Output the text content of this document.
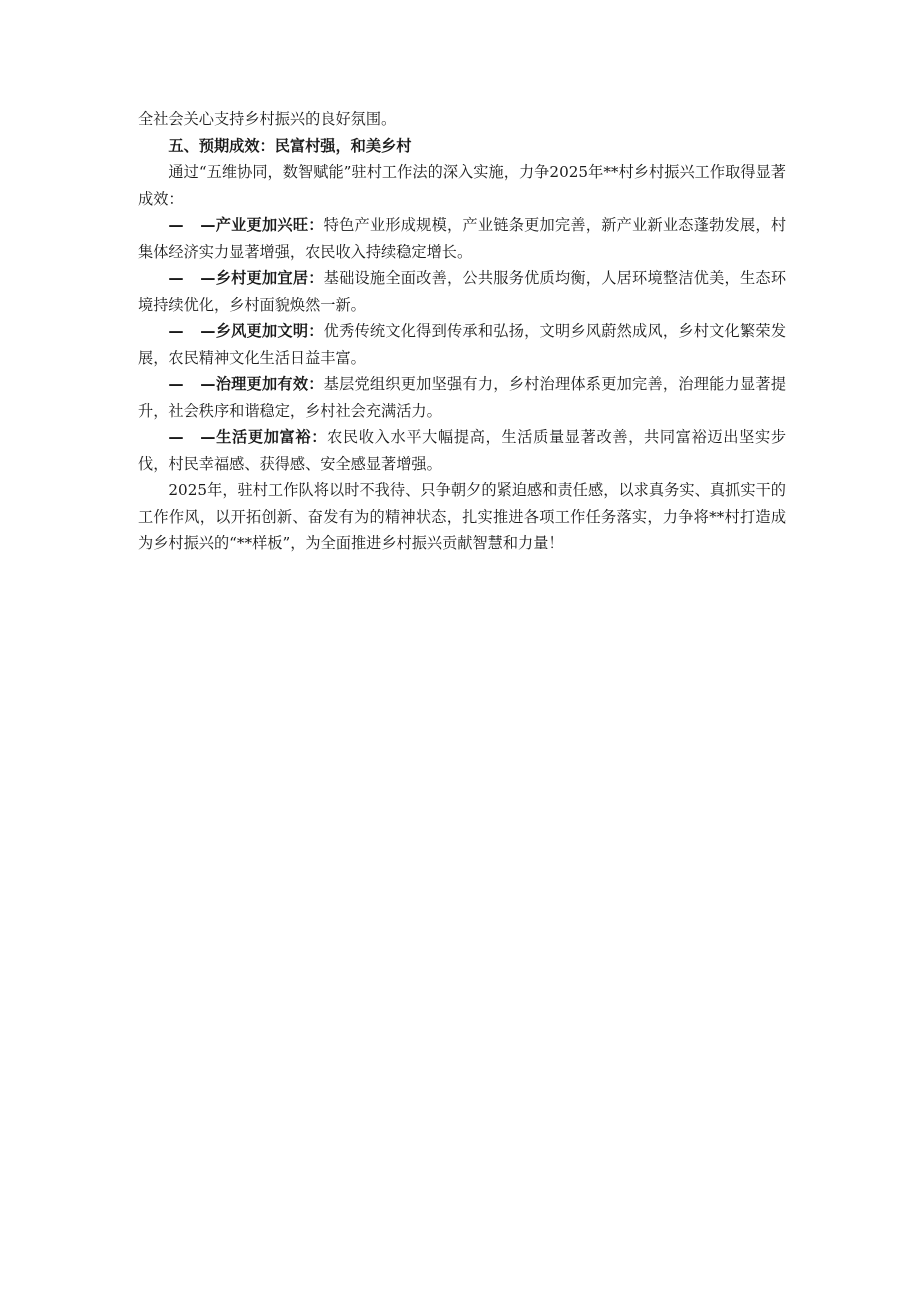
全社会关心支持乡村振兴的良好氛围。

五、预期成效：民富村强，和美乡村

通过“五维协同，数智赋能”驻村工作法的深入实施，力争2025年**村乡村振兴工作取得显著成效：

— —产业更加兴旺：特色产业形成规模，产业链条更加完善，新产业新业态蓬勃发展，村集体经济实力显著增强，农民收入持续稳定增长。

— —乡村更加宜居：基础设施全面改善，公共服务优质均衡，人居环境整洁优美，生态环境持续优化，乡村面貌焕然一新。

— —乡风更加文明：优秀传统文化得到传承和弘扬，文明乡风蔚然成风，乡村文化繁荣发展，农民精神文化生活日益丰富。

— —治理更加有效：基层党组织更加坚强有力，乡村治理体系更加完善，治理能力显著提升，社会秩序和谐稳定，乡村社会充满活力。

— —生活更加富裕：农民收入水平大幅提高，生活质量显著改善，共同富裕迈出坚实步伐，村民幸福感、获得感、安全感显著增强。

2025年，驻村工作队将以时不我待、只争朝夕的紧迫感和责任感，以求真务实、真抓实干的工作作风，以开拓创新、奋发有为的精神状态，扎实推进各项工作任务落实，力争将**村打造成为乡村振兴的“**样板”，为全面推进乡村振兴贡献智慧和力量！
